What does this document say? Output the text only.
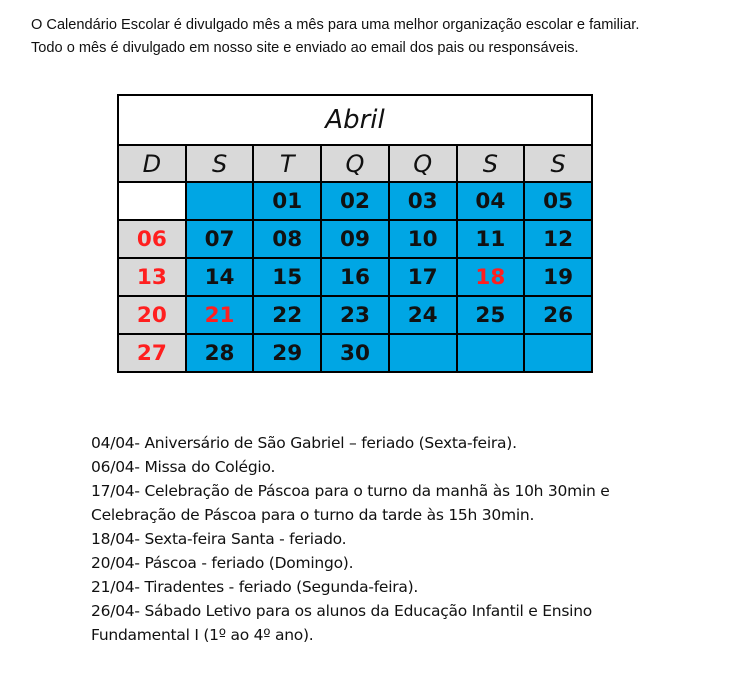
O Calendário Escolar é divulgado mês a mês para uma melhor organização escolar e familiar.

Todo o mês é divulgado em nosso site e enviado ao email dos pais ou responsáveis.

Abril						
D	S	T	Q	Q	S	S
		01	02	03	04	05
06	07	08	09	10	11	12
13	14	15	16	17	18	19
20	21	22	23	24	25	26
27	28	29	30			

04/04- Aniversário de São Gabriel – feriado (Sexta-feira).

06/04- Missa do Colégio.

17/04- Celebração de Páscoa para o turno da manhã às 10h 30min e

Celebração de Páscoa para o turno da tarde às 15h 30min.

18/04- Sexta-feira Santa - feriado.

20/04- Páscoa - feriado (Domingo).

21/04- Tiradentes - feriado (Segunda-feira).

26/04- Sábado Letivo para os alunos da Educação Infantil e Ensino

Fundamental I (1º ao 4º ano).
